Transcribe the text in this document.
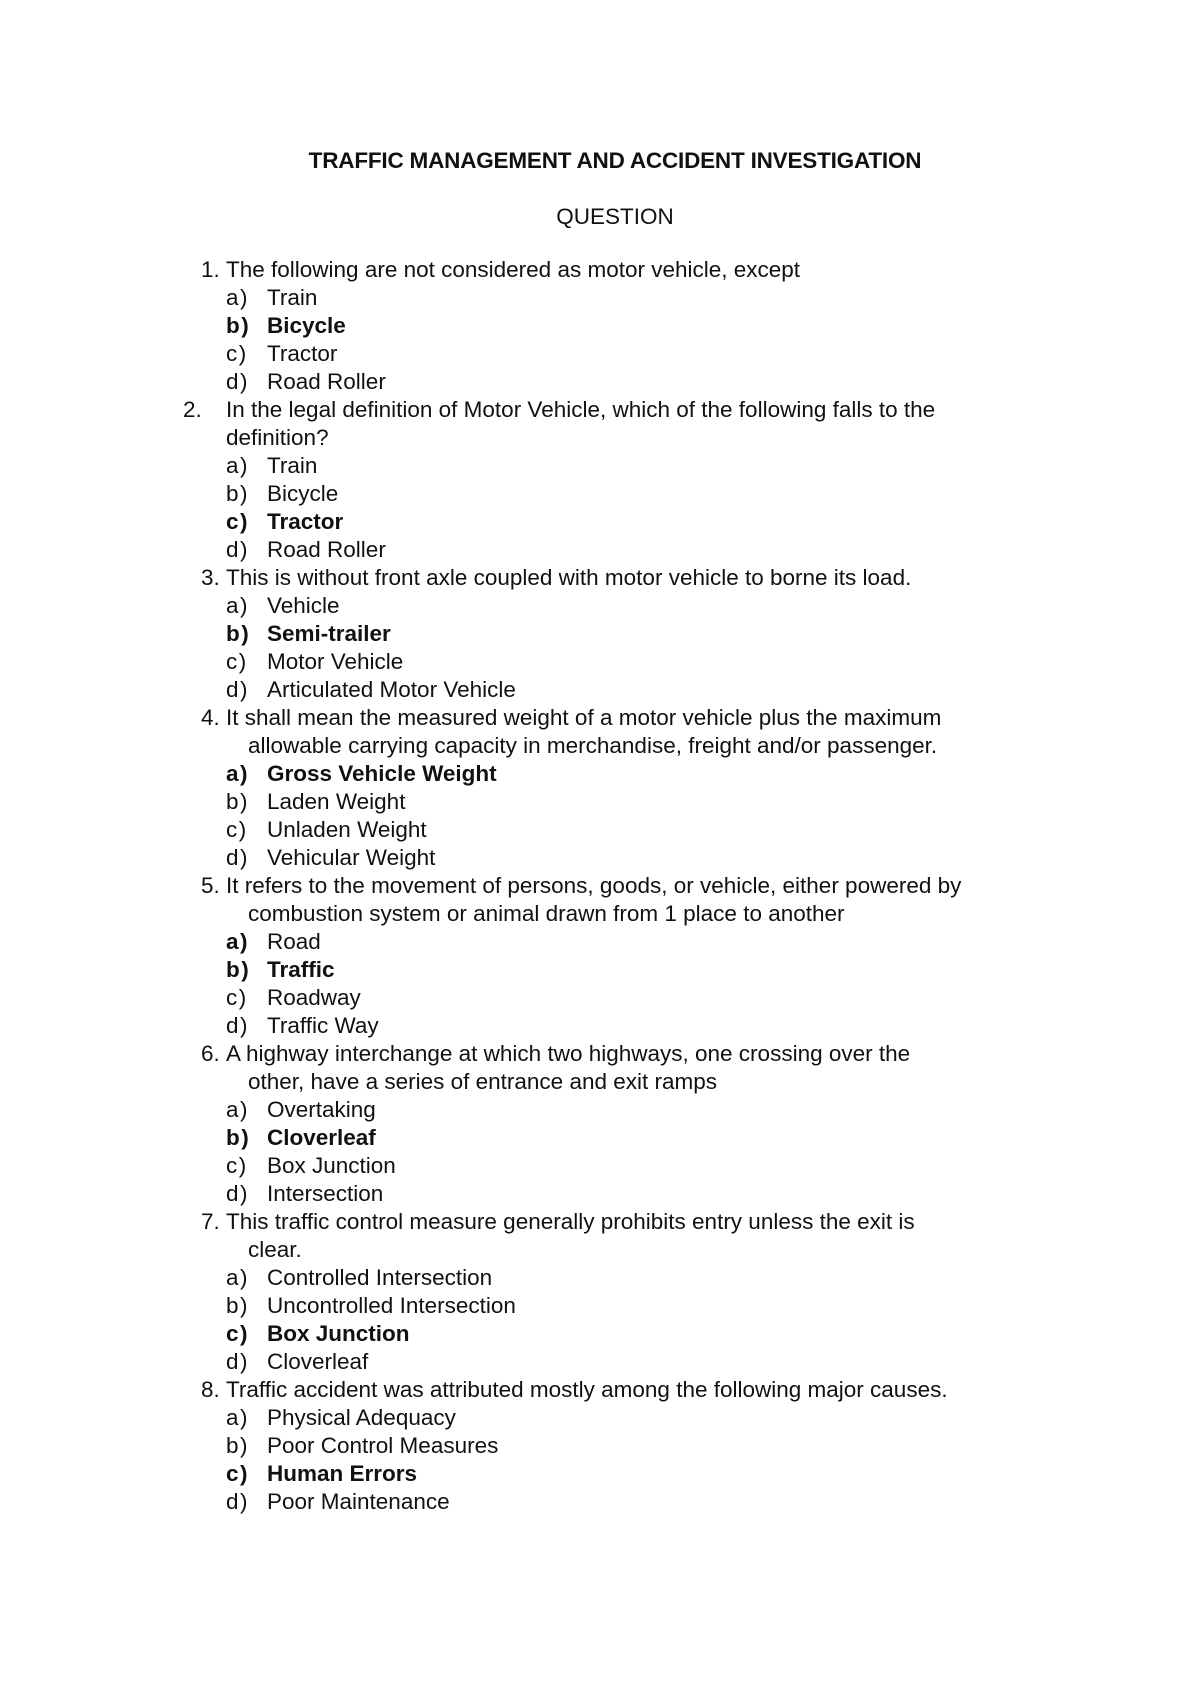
TRAFFIC MANAGEMENT AND ACCIDENT INVESTIGATION
QUESTION
1. The following are not considered as motor vehicle, except
a) Train
b) Bicycle
c) Tractor
d) Road Roller
2. In the legal definition of Motor Vehicle, which of the following falls to the
definition?
a) Train
b) Bicycle
c) Tractor
d) Road Roller
3. This is without front axle coupled with motor vehicle to borne its load.
a) Vehicle
b) Semi-trailer
c) Motor Vehicle
d) Articulated Motor Vehicle
4. It shall mean the measured weight of a motor vehicle plus the maximum
allowable carrying capacity in merchandise, freight and/or passenger.
a) Gross Vehicle Weight
b) Laden Weight
c) Unladen Weight
d) Vehicular Weight
5. It refers to the movement of persons, goods, or vehicle, either powered by
combustion system or animal drawn from 1 place to another
a) Road
b) Traffic
c) Roadway
d) Traffic Way
6. A highway interchange at which two highways, one crossing over the
other, have a series of entrance and exit ramps
a) Overtaking
b) Cloverleaf
c) Box Junction
d) Intersection
7. This traffic control measure generally prohibits entry unless the exit is
clear.
a) Controlled Intersection
b) Uncontrolled Intersection
c) Box Junction
d) Cloverleaf
8. Traffic accident was attributed mostly among the following major causes.
a) Physical Adequacy
b) Poor Control Measures
c) Human Errors
d) Poor Maintenance
